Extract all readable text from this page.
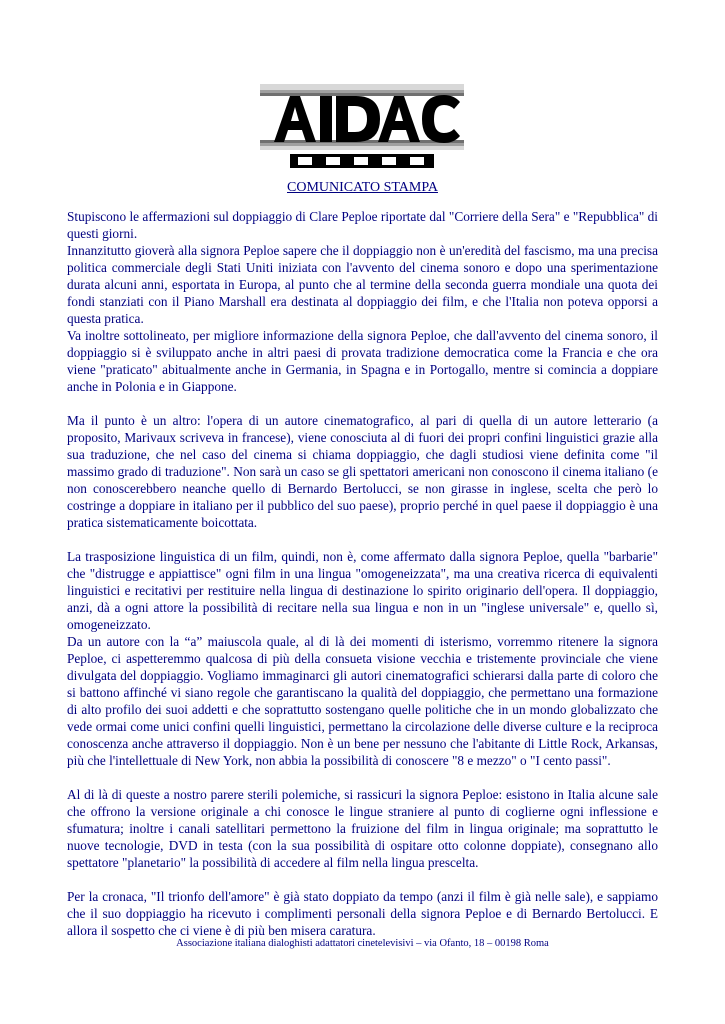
COMUNICATO STAMPA

Stupiscono le affermazioni sul doppiaggio di Clare Peploe riportate dal "Corriere della Sera" e "Repubblica" di questi giorni.

Innanzitutto gioverà alla signora Peploe sapere che il doppiaggio non è un'eredità del fascismo, ma una precisa politica commerciale degli Stati Uniti iniziata con l'avvento del cinema sonoro e dopo una sperimentazione durata alcuni anni, esportata in Europa, al punto che al termine della seconda guerra mondiale una quota dei fondi stanziati con il Piano Marshall era destinata al doppiaggio dei film, e che l'Italia non poteva opporsi a questa pratica.

Va inoltre sottolineato, per migliore informazione della signora Peploe, che dall'avvento del cinema sonoro, il doppiaggio si è sviluppato anche in altri paesi di provata tradizione democratica come la Francia e che ora viene "praticato" abitualmente anche in Germania, in Spagna e in Portogallo, mentre si comincia a doppiare anche in Polonia e in Giappone.

Ma il punto è un altro: l'opera di un autore cinematografico, al pari di quella di un autore letterario (a proposito, Marivaux scriveva in francese), viene conosciuta al di fuori dei propri confini linguistici grazie alla sua traduzione, che nel caso del cinema si chiama doppiaggio, che dagli studiosi viene definita come "il massimo grado di traduzione". Non sarà un caso se gli spettatori americani non conoscono il cinema italiano (e non conoscerebbero neanche quello di Bernardo Bertolucci, se non girasse in inglese, scelta che però lo costringe a doppiare in italiano per il pubblico del suo paese), proprio perché in quel paese il doppiaggio è una pratica sistematicamente boicottata.

La trasposizione linguistica di un film, quindi, non è, come affermato dalla signora Peploe, quella "barbarie" che "distrugge e appiattisce" ogni film in una lingua "omogeneizzata", ma una creativa ricerca di equivalenti linguistici e recitativi per restituire nella lingua di destinazione lo spirito originario dell'opera. Il doppiaggio, anzi, dà a ogni attore la possibilità di recitare nella sua lingua e non in un "inglese universale" e, quello sì, omogeneizzato.

Da un autore con la “a” maiuscola quale, al di là dei momenti di isterismo, vorremmo ritenere la signora Peploe, ci aspetteremmo qualcosa di più della consueta visione vecchia e tristemente provinciale che viene divulgata del doppiaggio. Vogliamo immaginarci gli autori cinematografici schierarsi dalla parte di coloro che si battono affinché vi siano regole che garantiscano la qualità del doppiaggio, che permettano una formazione di alto profilo dei suoi addetti e che soprattutto sostengano quelle politiche che in un mondo globalizzato che vede ormai come unici confini quelli linguistici, permettano la circolazione delle diverse culture e la reciproca conoscenza anche attraverso il doppiaggio. Non è un bene per nessuno che l'abitante di Little Rock, Arkansas, più che l'intellettuale di New York, non abbia la possibilità di conoscere "8 e mezzo" o "I cento passi".

Al di là di queste a nostro parere sterili polemiche, si rassicuri la signora Peploe: esistono in Italia alcune sale che offrono la versione originale a chi conosce le lingue straniere al punto di coglierne ogni inflessione e sfumatura; inoltre i canali satellitari permettono la fruizione del film in lingua originale; ma soprattutto le nuove tecnologie, DVD in testa (con la sua possibilità di ospitare otto colonne doppiate), consegnano allo spettatore "planetario" la possibilità di accedere al film nella lingua prescelta.

Per la cronaca, "Il trionfo dell'amore" è già stato doppiato da tempo (anzi il film è già nelle sale), e sappiamo che il suo doppiaggio ha ricevuto i complimenti personali della signora Peploe e di Bernardo Bertolucci. E allora il sospetto che ci viene è di più ben misera caratura.

Associazione italiana dialoghisti adattatori cinetelevisivi – via Ofanto, 18 – 00198 Roma
